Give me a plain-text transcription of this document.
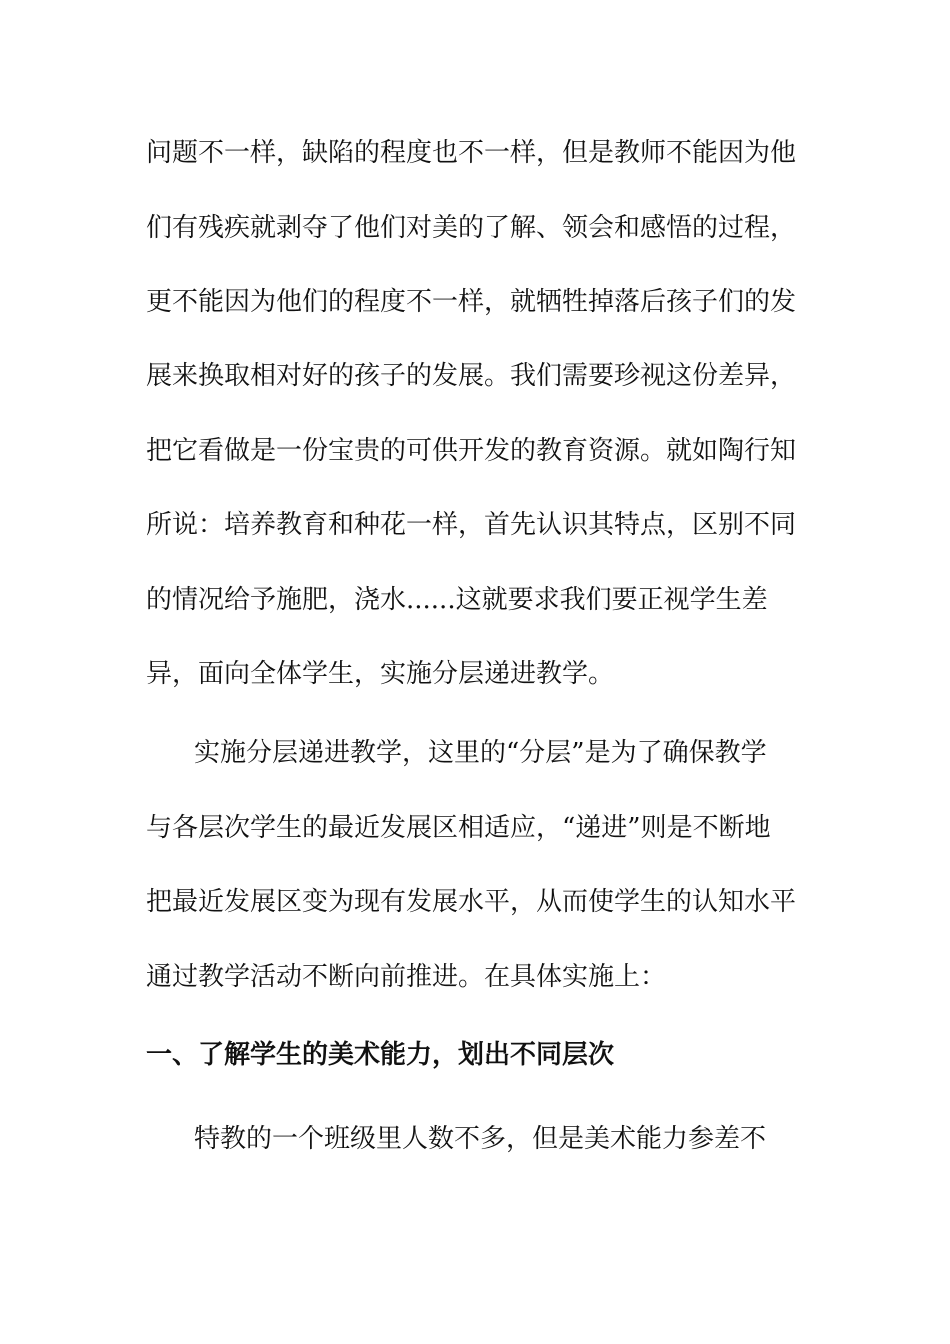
问题不一样，缺陷的程度也不一样，但是教师不能因为他
们有残疾就剥夺了他们对美的了解、领会和感悟的过程，
更不能因为他们的程度不一样，就牺牲掉落后孩子们的发
展来换取相对好的孩子的发展。我们需要珍视这份差异，
把它看做是一份宝贵的可供开发的教育资源。就如陶行知
所说：培养教育和种花一样，首先认识其特点，区别不同
的情况给予施肥，浇水......这就要求我们要正视学生差
异，面向全体学生，实施分层递进教学。
实施分层递进教学，这里的“分层”是为了确保教学
与各层次学生的最近发展区相适应，“递进”则是不断地
把最近发展区变为现有发展水平，从而使学生的认知水平
通过教学活动不断向前推进。在具体实施上：
一、了解学生的美术能力，划出不同层次
特教的一个班级里人数不多，但是美术能力参差不
